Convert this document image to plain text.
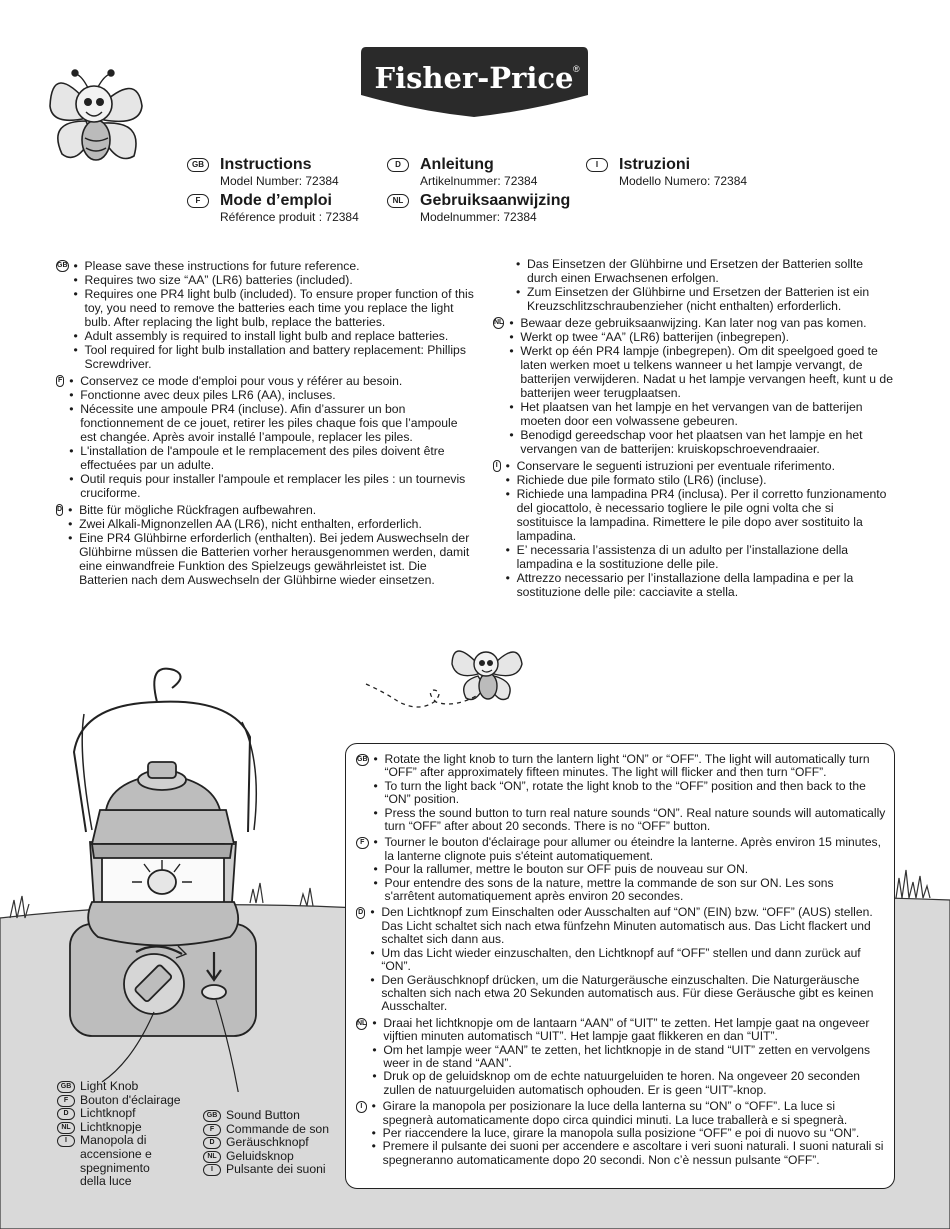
Fisher-Price ®
GB	Instructions
Model Number: 72384
F	Mode d’emploi
Référence produit : 72384
D	Anleitung
Artikelnummer: 72384
NL	Gebruiksaanwijzing
Modelnummer: 72384
I	Istruzioni
Modello Numero: 72384
GB	• Please save these instructions for future reference.
• Requires two size “AA” (LR6) batteries (included).
• Requires one PR4 light bulb (included). To ensure proper function of this toy, you need to remove the batteries each time you replace the light bulb. After replacing the light bulb, replace the batteries.
• Adult assembly is required to install light bulb and replace batteries.
• Tool required for light bulb installation and battery replacement: Phillips Screwdriver.
F	• Conservez ce mode d'emploi pour vous y référer au besoin.
• Fonctionne avec deux piles LR6 (AA), incluses.
• Nécessite une ampoule PR4 (incluse). Afin d’assurer un bon fonctionnement de ce jouet, retirer les piles chaque fois que l’ampoule est changée. Après avoir installé l’ampoule, replacer les piles.
• L'installation de l'ampoule et le remplacement des piles doivent être effectuées par un adulte.
• Outil requis pour installer l'ampoule et remplacer les piles : un tournevis cruciforme.
D	• Bitte für mögliche Rückfragen aufbewahren.
• Zwei Alkali-Mignonzellen AA (LR6), nicht enthalten, erforderlich.
• Eine PR4 Glühbirne erforderlich (enthalten). Bei jedem Auswechseln der Glühbirne müssen die Batterien vorher herausgenommen werden, damit eine einwandfreie Funktion des Spielzeugs gewährleistet ist. Die Batterien nach dem Auswechseln der Glühbirne wieder einsetzen.
• Das Einsetzen der Glühbirne und Ersetzen der Batterien sollte durch einen Erwachsenen erfolgen.
• Zum Einsetzen der Glühbirne und Ersetzen der Batterien ist ein Kreuzschlitzschraubenzieher (nicht enthalten) erforderlich.
NL	• Bewaar deze gebruiksaanwijzing. Kan later nog van pas komen.
• Werkt op twee “AA” (LR6) batterijen (inbegrepen).
• Werkt op één PR4 lampje (inbegrepen). Om dit speelgoed goed te laten werken moet u telkens wanneer u het lampje vervangt, de batterijen verwijderen. Nadat u het lampje vervangen heeft, kunt u de batterijen weer terugplaatsen.
• Het plaatsen van het lampje en het vervangen van de batterijen moeten door een volwassene gebeuren.
• Benodigd gereedschap voor het plaatsen van het lampje en het vervangen van de batterijen: kruiskopschroevendraaier.
I	• Conservare le seguenti istruzioni per eventuale riferimento.
• Richiede due pile formato stilo (LR6) (incluse).
• Richiede una lampadina PR4 (inclusa). Per il corretto funzionamento del giocattolo, è necessario togliere le pile ogni volta che si sostituisce la lampadina. Rimettere le pile dopo aver sostituito la lampadina.
• E’ necessaria l’assistenza di un adulto per l’installazione della lampadina e la sostituzione delle pile.
• Attrezzo necessario per l’installazione della lampadina e per la sostituzione delle pile: cacciavite a stella.
GB	• Rotate the light knob to turn the lantern light “ON” or “OFF”. The light will automatically turn “OFF” after approximately fifteen minutes. The light will flicker and then turn “OFF”.
• To turn the light back “ON”, rotate the light knob to the “OFF” position and then back to the “ON” position.
• Press the sound button to turn real nature sounds “ON”. Real nature sounds will automatically turn “OFF” after about 20 seconds. There is no “OFF” button.
F	• Tourner le bouton d'éclairage pour allumer ou éteindre la lanterne. Après environ 15 minutes, la lanterne clignote puis s'éteint automatiquement.
• Pour la rallumer, mettre le bouton sur OFF puis de nouveau sur ON.
• Pour entendre des sons de la nature, mettre la commande de son sur ON. Les sons s'arrêtent automatiquement après environ 20 secondes.
D	• Den Lichtknopf zum Einschalten oder Ausschalten auf “ON” (EIN) bzw. “OFF” (AUS) stellen. Das Licht schaltet sich nach etwa fünfzehn Minuten automatisch aus. Das Licht flackert und schaltet sich dann aus.
• Um das Licht wieder einzuschalten, den Lichtknopf auf “OFF” stellen und dann zurück auf “ON”.
• Den Geräuschknopf drücken, um die Naturgeräusche einzuschalten. Die Naturgeräusche schalten sich nach etwa 20 Sekunden automatisch aus. Für diese Geräusche gibt es keinen Ausschalter.
NL	• Draai het lichtknopje om de lantaarn “AAN” of “UIT” te zetten. Het lampje gaat na ongeveer vijftien minuten automatisch “UIT”. Het lampje gaat flikkeren en dan “UIT”.
• Om het lampje weer “AAN” te zetten, het lichtknopje in de stand “UIT” zetten en vervolgens weer in de stand “AAN”.
• Druk op de geluidsknop om de echte natuurgeluiden te horen. Na ongeveer 20 seconden zullen de natuurgeluiden automatisch ophouden. Er is geen “UIT”-knop.
I	• Girare la manopola per posizionare la luce della lanterna su “ON” o “OFF”. La luce si spegnerà automaticamente dopo circa quindici minuti. La luce traballerà e si spegnerà.
• Per riaccendere la luce, girare la manopola sulla posizione “OFF” e poi di nuovo su “ON”.
• Premere il pulsante dei suoni per accendere e ascoltare i veri suoni naturali. I suoni naturali si spegneranno automaticamente dopo 20 secondi. Non c’è nessun pulsante “OFF”.
GB Light Knob
F Bouton d'éclairage
D Lichtknopf
NL Lichtknopje
I	Manopola di accensione e spegnimento della luce
GB Sound Button
F Commande de son
D Geräuschknopf
NL Geluidsknop
I	Pulsante dei suoni
